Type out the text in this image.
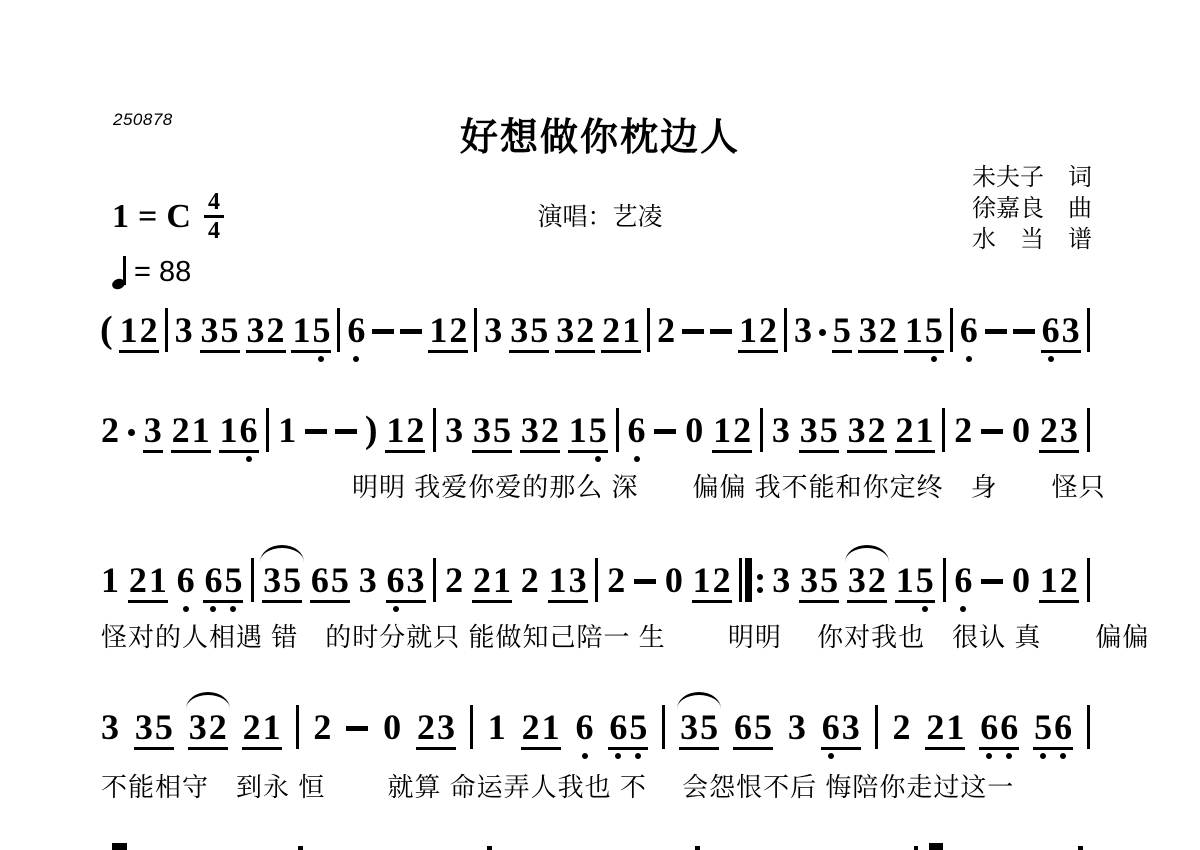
250878	好想做你枕边人
演唱：艺凌
未夫子　词
徐嘉良　曲
水　当　谱
1 = C $\frac{4}{4}$
= 88
( 1 2 3 3 5 3 2 1 5 6 1 2 3 3 5 3 2 2 1 2 1 2 3 5 3 2 1 5 6 6 3
2 3 2 1 1 6 1 ) 1 2 3 3 5 3 2 1 5 6 0 1 2 3 3 5 3 2 2 1 2 0 2 3
1 2 1 6 6 5 3 5 6 5 3 6 3 2 2 1 2 1 3 2 0 1 2 3 3 5 3 2 1 5 6 0 1 2
3 3 5 3 2 2 1 2 0 2 3 1 2 1 6 6 5 3 5 6 5 3 6 3 2 2 1 6 6 5 6
明明 我爱你爱的那么 深　　偏偏 我不能和你定终　身　　怪只
怪对的人相遇 错　的时分就只 能做知己陪一 生　　 明明　 你对我也　很认 真　　偏偏
不能相守　到永 恒　　 就算 命运弄人我也 不　 会怨恨不后 悔陪你走过这一
